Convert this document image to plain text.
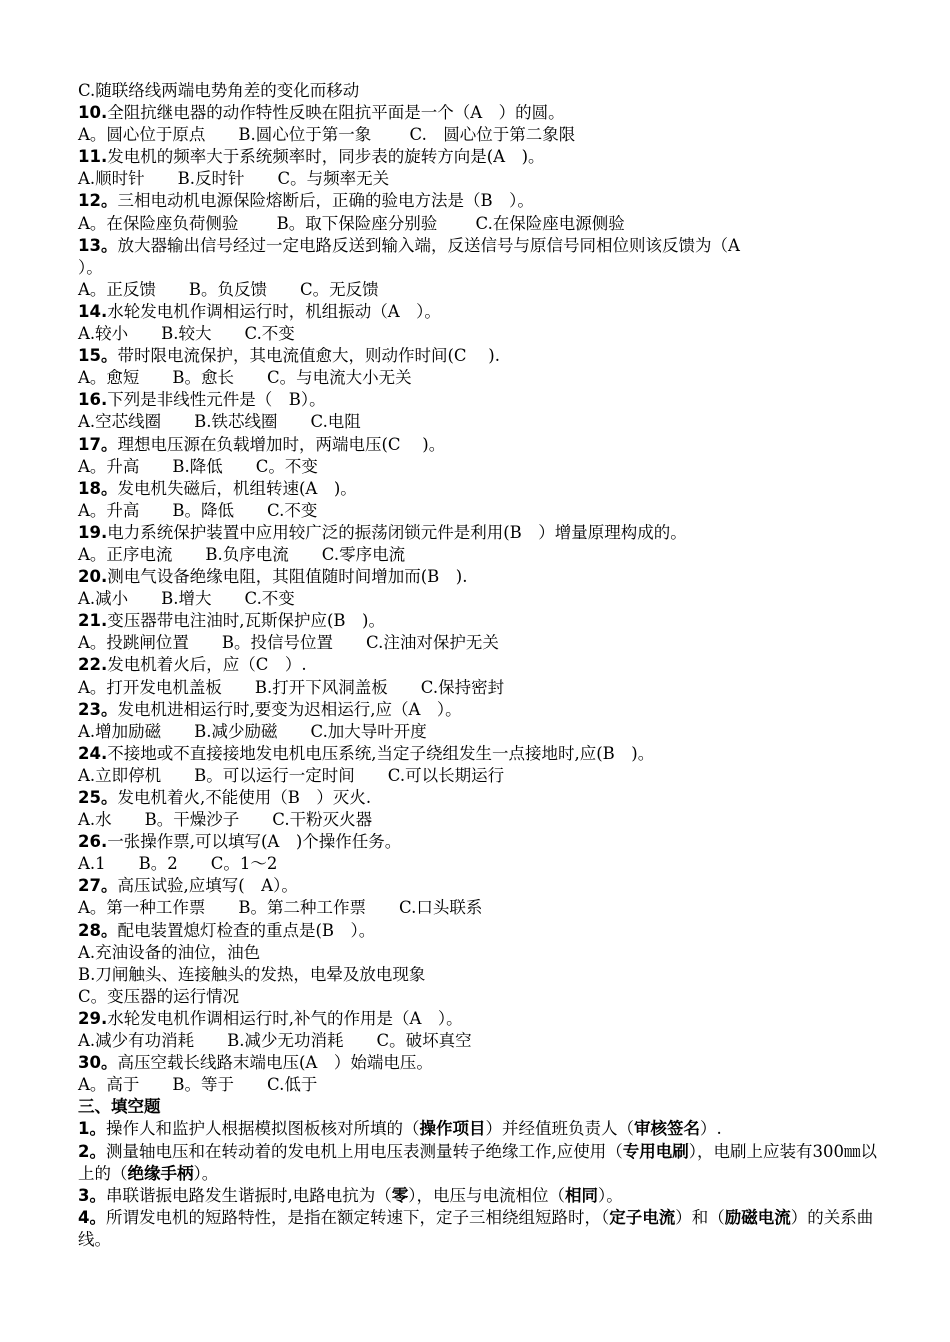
C.随联络线两端电势角差的变化而移动
10.全阻抗继电器的动作特性反映在阻抗平面是一个（A　）的圆。
A。圆心位于原点　　B.圆心位于第一象　　 C.　圆心位于第二象限
11.发电机的频率大于系统频率时，同步表的旋转方向是(A　)。
A.顺时针　　B.反时针　　C。与频率无关
12。三相电动机电源保险熔断后，正确的验电方法是（B　）。
A。在保险座负荷侧验　　 B。取下保险座分别验　　 C.在保险座电源侧验
13。放大器输出信号经过一定电路反送到输入端，反送信号与原信号同相位则该反馈为（A
）。
A。正反馈　　B。负反馈　　C。无反馈
14.水轮发电机作调相运行时，机组振动（A　）。
A.较小　　B.较大　　C.不变
15。带时限电流保护，其电流值愈大，则动作时间(C　 ).
A。愈短　　B。愈长　　C。与电流大小无关
16.下列是非线性元件是（　B）。
A.空芯线圈　　B.铁芯线圈　　C.电阻
17。理想电压源在负载增加时，两端电压(C　 )。
A。升高　　B.降低　　C。不变
18。发电机失磁后，机组转速(A　)。
A。升高　　B。降低　　C.不变
19.电力系统保护装置中应用较广泛的振荡闭锁元件是利用(B　）增量原理构成的。
A。正序电流　　B.负序电流　　C.零序电流
20.测电气设备绝缘电阻，其阻值随时间增加而(B　).
A.减小　　B.增大　　C.不变
21.变压器带电注油时,瓦斯保护应(B　)。
A。投跳闸位置　　B。投信号位置　　C.注油对保护无关
22.发电机着火后，应（C　）.
A。打开发电机盖板　　B.打开下风洞盖板　　C.保持密封
23。发电机进相运行时,要变为迟相运行,应（A　）。
A.增加励磁　　B.减少励磁　　C.加大导叶开度
24.不接地或不直接接地发电机电压系统,当定子绕组发生一点接地时,应(B　)。
A.立即停机　　B。可以运行一定时间　　C.可以长期运行
25。发电机着火,不能使用（B　）灭火.
A.水　　B。干燥沙子　　C.干粉灭火器
26.一张操作票,可以填写(A　)个操作任务。
A.1　　B。2　　C。1～2
27。高压试验,应填写(　A）。
A。第一种工作票　　B。第二种工作票　　C.口头联系
28。配电装置熄灯检查的重点是(B　）。
A.充油设备的油位，油色
B.刀闸触头、连接触头的发热，电晕及放电现象
C。变压器的运行情况
29.水轮发电机作调相运行时,补气的作用是（A　）。
A.减少有功消耗　　B.减少无功消耗　　C。破坏真空
30。高压空载长线路末端电压(A　）始端电压。
A。高于　　B。等于　　C.低于
三、填空题
1。操作人和监护人根据模拟图板核对所填的（操作项目）并经值班负责人（审核签名）.
2。测量轴电压和在转动着的发电机上用电压表测量转子绝缘工作,应使用（专用电刷），电刷上应装有300㎜以上的（绝缘手柄）。
3。串联谐振电路发生谐振时,电路电抗为（零），电压与电流相位（相同）。
4。所谓发电机的短路特性，是指在额定转速下，定子三相绕组短路时，（定子电流）和（励磁电流）的关系曲线。
